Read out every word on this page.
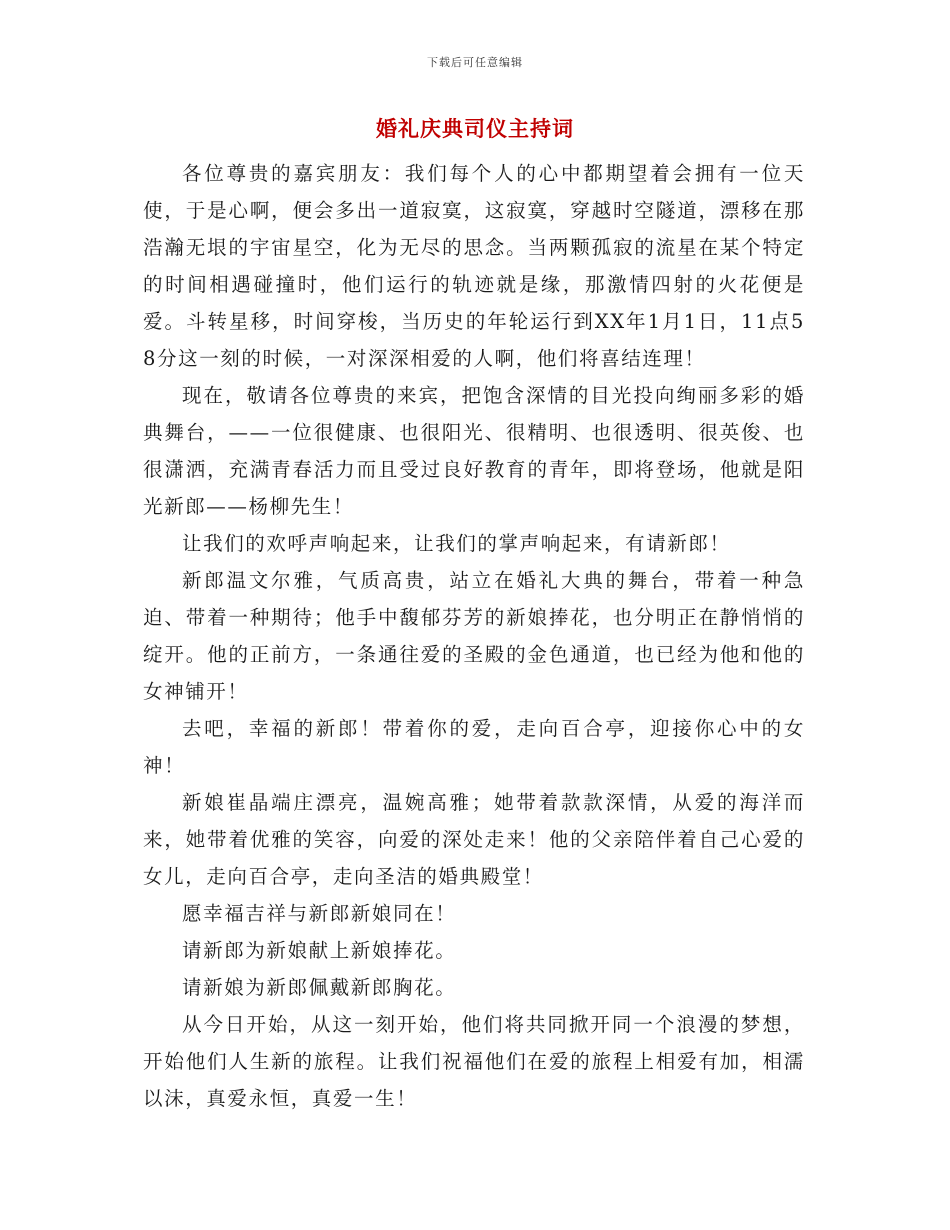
下载后可任意编辑
婚礼庆典司仪主持词

各位尊贵的嘉宾朋友：我们每个人的心中都期望着会拥有一位天使，于是心啊，便会多出一道寂寞，这寂寞，穿越时空隧道，漂移在那浩瀚无垠的宇宙星空，化为无尽的思念。当两颗孤寂的流星在某个特定的时间相遇碰撞时，他们运行的轨迹就是缘，那激情四射的火花便是爱。斗转星移，时间穿梭，当历史的年轮运行到XX年1月1日，11点58分这一刻的时候，一对深深相爱的人啊，他们将喜结连理！

现在，敬请各位尊贵的来宾，把饱含深情的目光投向绚丽多彩的婚典舞台，——一位很健康、也很阳光、很精明、也很透明、很英俊、也很潇洒，充满青春活力而且受过良好教育的青年，即将登场，他就是阳光新郎——杨柳先生！

让我们的欢呼声响起来，让我们的掌声响起来，有请新郎！

新郎温文尔雅，气质高贵，站立在婚礼大典的舞台，带着一种急迫、带着一种期待；他手中馥郁芬芳的新娘捧花，也分明正在静悄悄的绽开。他的正前方，一条通往爱的圣殿的金色通道，也已经为他和他的女神铺开！

去吧，幸福的新郎！带着你的爱，走向百合亭，迎接你心中的女神！

新娘崔晶端庄漂亮，温婉高雅；她带着款款深情，从爱的海洋而来，她带着优雅的笑容，向爱的深处走来！他的父亲陪伴着自己心爱的女儿，走向百合亭，走向圣洁的婚典殿堂！

愿幸福吉祥与新郎新娘同在！

请新郎为新娘献上新娘捧花。

请新娘为新郎佩戴新郎胸花。

从今日开始，从这一刻开始，他们将共同掀开同一个浪漫的梦想，开始他们人生新的旅程。让我们祝福他们在爱的旅程上相爱有加，相濡以沫，真爱永恒，真爱一生！
